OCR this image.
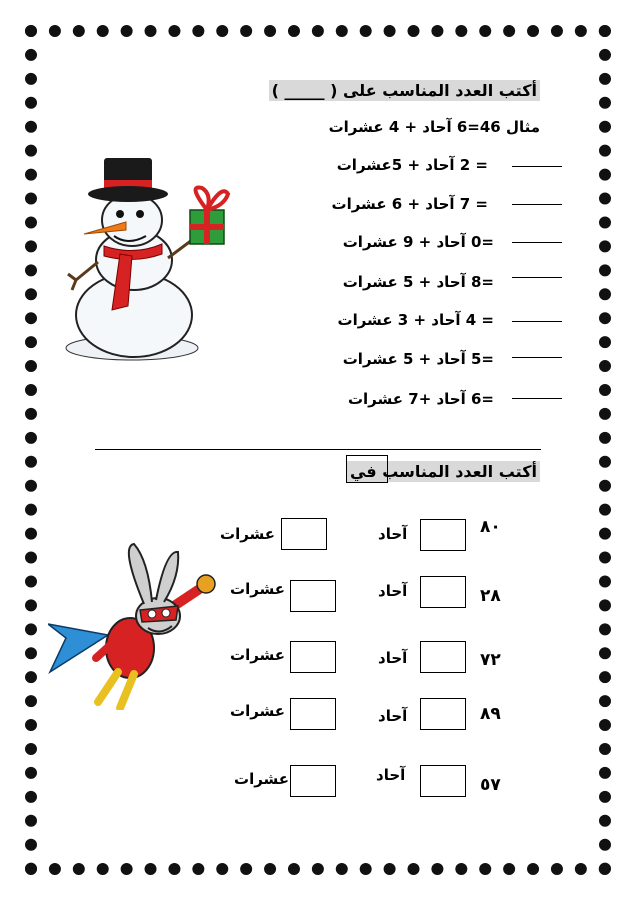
أكتب العدد المناسب على ( _____ )
مثال 46=6 آحاد + 4 عشرات
= 2 آحاد + 5عشرات
= 7 آحاد + 6 عشرات
=0 آحاد + 9 عشرات
=8 آحاد + 5 عشرات
= 4 آحاد + 3 عشرات
=5 آحاد + 5 عشرات
=6 آحاد +7 عشرات
أكتب العدد المناسب في
٨٠
آحاد
عشرات
٢٨
آحاد
عشرات
٧٢
آحاد
عشرات
٨٩
آحاد
عشرات
٥٧
آحاد
عشرات
